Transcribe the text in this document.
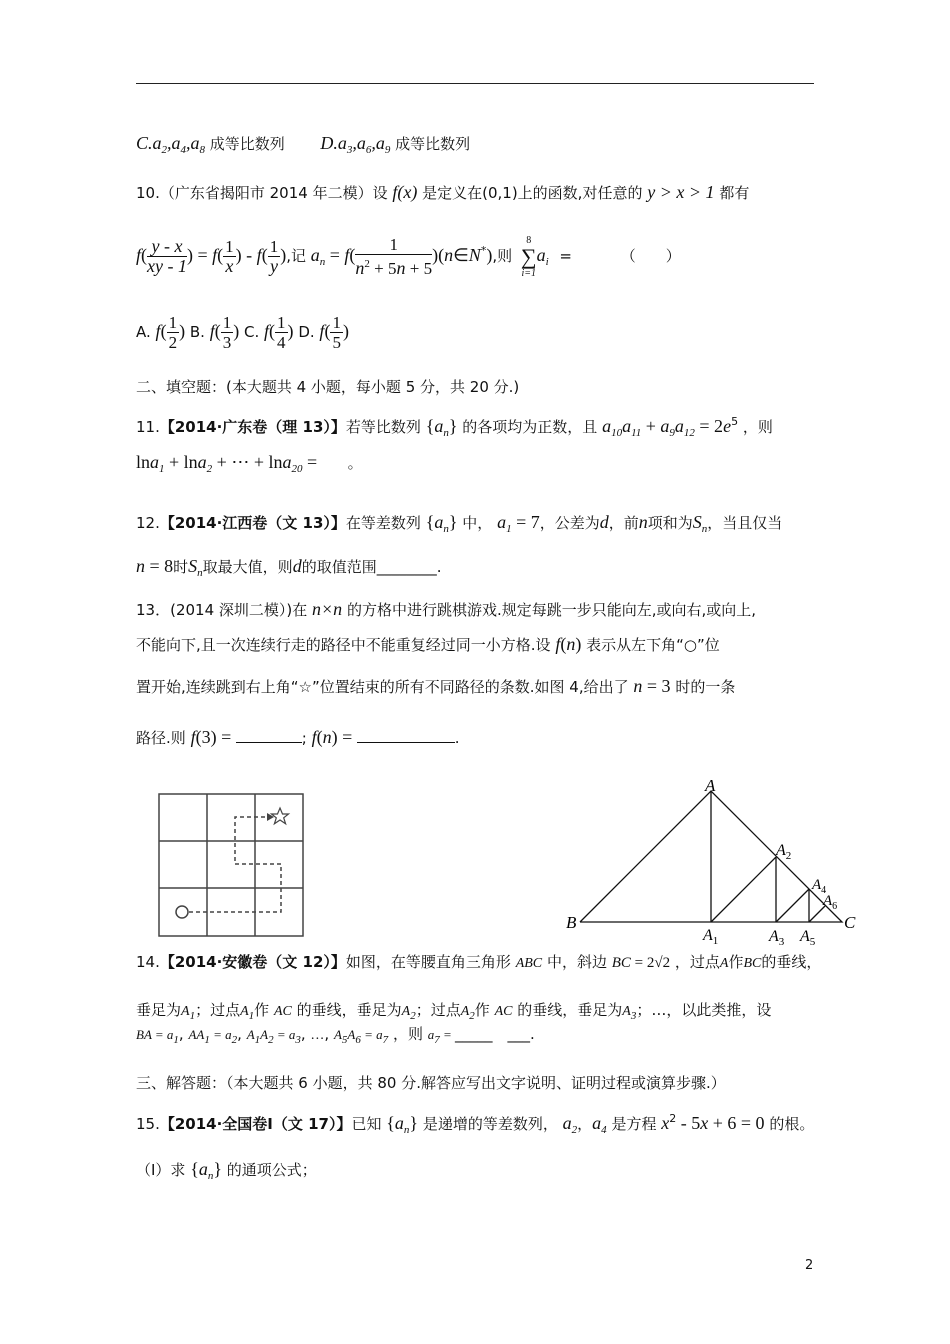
$C.a_2,a_4,a_8$ 成等比数列 $D.a_3,a_6,a_9$ 成等比数列
10.（广东省揭阳市 2014 年二模）设 f(x) 是定义在(0,1)上的函数,对任意的 y > x > 1 都有
$f( \frac{y - x}{xy - 1}$ ) = $f( \frac{1}{x}$ ) - $f( \frac{1}{y}$ ),记 $a_n = f( \frac{1}{n^2 + 5n + 5}$ )(n∈N*),则
8
∑
i=1
$a_i$ =	（　　）
A. $f( \frac{1}{2}$ ) B. $f( \frac{1}{3}$ ) C. $f( \frac{1}{4}$ ) D. $f( \frac{1}{5}$ )
二、填空题：(本大题共 4 小题，每小题 5 分，共 20 分.)
11.【2014·广东卷（理 13）】若等比数列 $\{a_n\}$ 的各项均为正数，且 $a_{10}a_{11} + a_9a_{12} = 2e^5$ ，则
lna$_1$ + lna$_2$ + ⋯ + lna$_{20}$ = 。
12.【2014·江西卷（文 13）】在等差数列 $\{a_n\}$ 中， $a_1 = 7$，公差为d，前n项和为$S_n$，当且仅当
n = 8时$S_n$取最大值，则d的取值范围________.
13．(2014 深圳二模）)在 n×n 的方格中进行跳棋游戏.规定每跳一步只能向左,或向右,或向上,
不能向下,且一次连续行走的路径中不能重复经过同一小方格.设 f(n) 表示从左下角“○”位
置开始,连续跳到右上角“☆”位置结束的所有不同路径的条数.如图 4,给出了 n = 3 时的一条
路径.则 f(3) =	; f(n) =	.
A
$A_2$
$A_4$
$A_6$
B	C
$A_1$	$A_3$ $A_5$
14.【2014·安徽卷（文 12）】如图，在等腰直角三角形 ABC 中，斜边 BC = 2√2 ，过点A作BC的垂线，
垂足为$A_1$；过点$A_1$作 AC 的垂线，垂足为$A_2$；过点$A_2$作 AC 的垂线，垂足为$A_3$；…，以此类推，设
BA = $a_1$, $AA_1 = a_2$, $A_1A_2 = a_3$, …, $A_5A_6 = a_7$ ，则 $a_7$ = _____　___.
三、解答题：（本大题共 6 小题，共 80 分.解答应写出文字说明、证明过程或演算步骤.）
15.【2014·全国卷Ⅰ（文 17）】已知 $\{a_n\}$ 是递增的等差数列， $a_2$，$a_4$ 是方程 $x^2 - 5x + 6 = 0$ 的根。
（Ⅰ）求 $\{a_n\}$ 的通项公式；
2
